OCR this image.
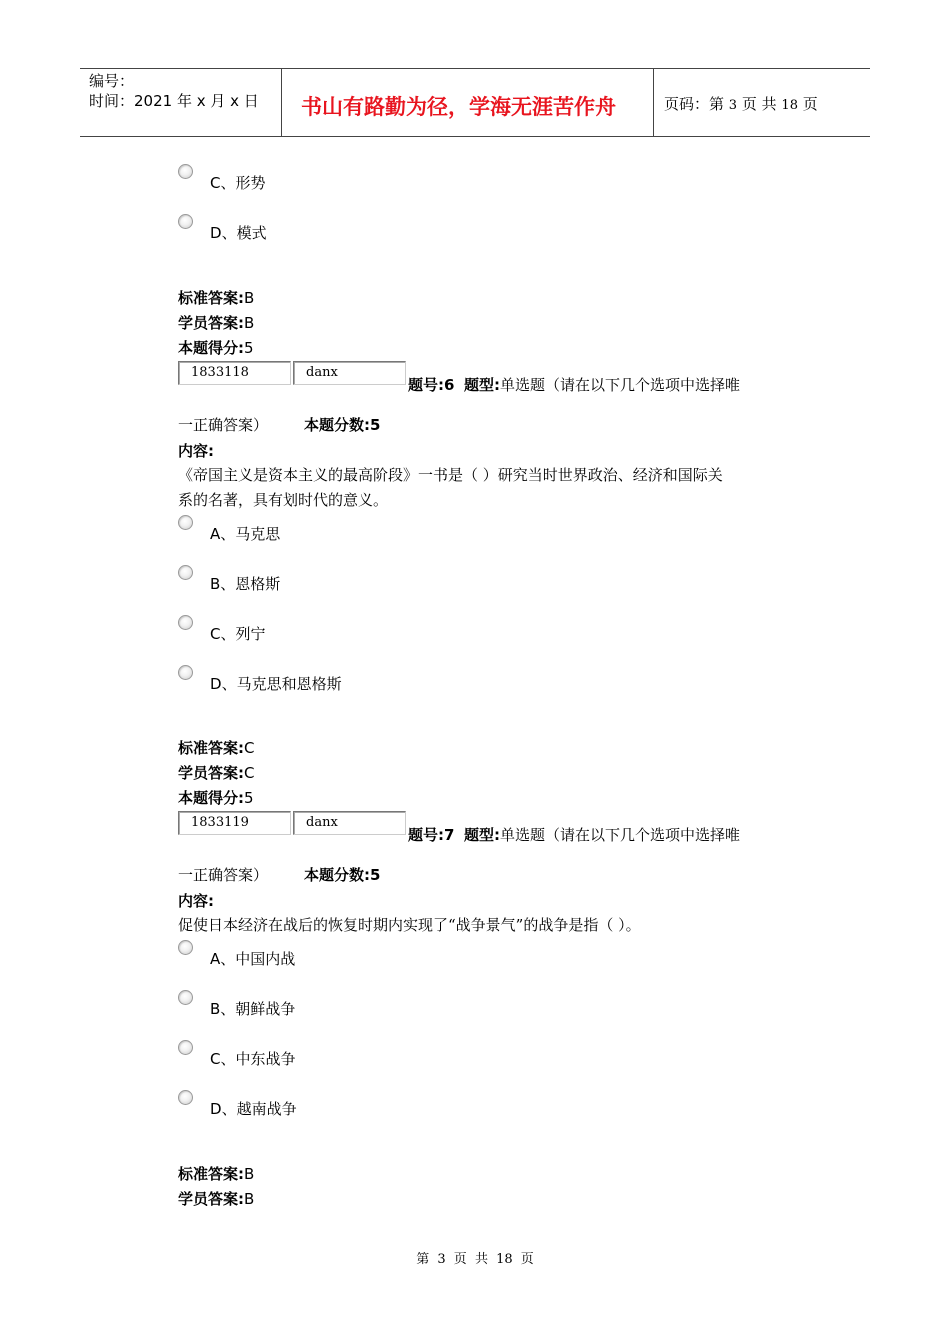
编号：
时间：2021 年 x 月 x 日 书山有路勤为径，学海无涯苦作舟	页码：第 3 页 共 18 页
C、形势
D、模式
标准答案:B
学员答案:B
本题得分:5
1833118	danx
题号:6 题型:单选题（请在以下几个选项中选择唯
一正确答案） 本题分数:5
内容:
《帝国主义是资本主义的最高阶段》一书是（ ）研究当时世界政治、经济和国际关
系的名著，具有划时代的意义。
A、马克思
B、恩格斯
C、列宁
D、马克思和恩格斯
标准答案:C
学员答案:C
本题得分:5
1833119	danx
题号:7 题型:单选题（请在以下几个选项中选择唯
一正确答案） 本题分数:5
内容:
促使日本经济在战后的恢复时期内实现了“战争景气”的战争是指（ ）。
A、中国内战
B、朝鲜战争
C、中东战争
D、越南战争
标准答案:B
学员答案:B
第 3 页 共 18 页
